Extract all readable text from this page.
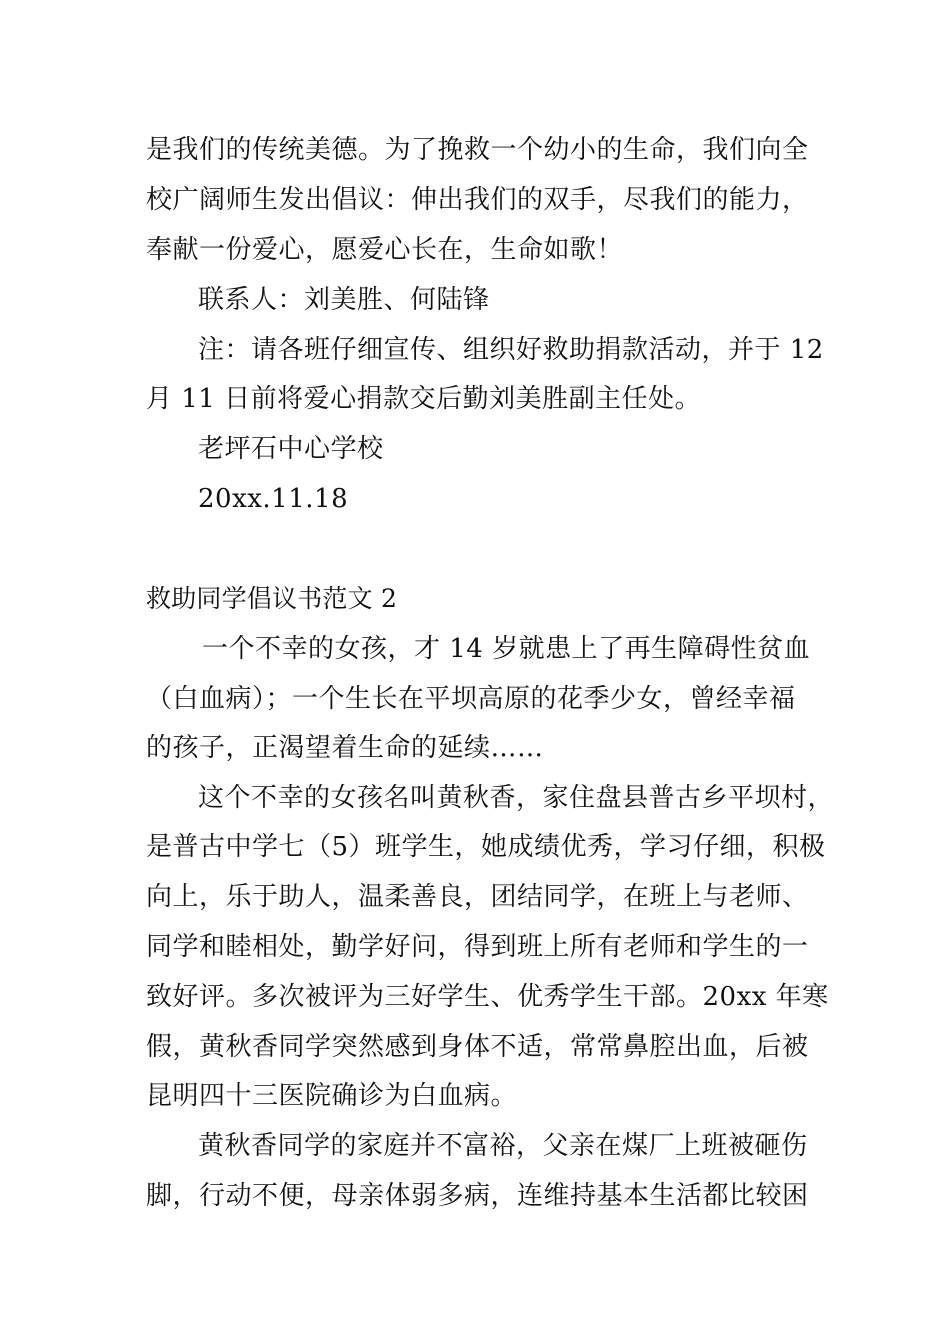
是我们的传统美德。为了挽救一个幼小的生命，我们向全
校广阔师生发出倡议：伸出我们的双手，尽我们的能力，
奉献一份爱心，愿爱心长在，生命如歌！
联系人：刘美胜、何陆锋
注：请各班仔细宣传、组织好救助捐款活动，并于 12
月 11 日前将爱心捐款交后勤刘美胜副主任处。
老坪石中心学校
20xx.11.18
救助同学倡议书范文 2
一个不幸的女孩，才 14 岁就患上了再生障碍性贫血
（白血病）；一个生长在平坝高原的花季少女，曾经幸福
的孩子，正渴望着生命的延续……
这个不幸的女孩名叫黄秋香，家住盘县普古乡平坝村，
是普古中学七（5）班学生，她成绩优秀，学习仔细，积极
向上，乐于助人，温柔善良，团结同学，在班上与老师、
同学和睦相处，勤学好问，得到班上所有老师和学生的一
致好评。多次被评为三好学生、优秀学生干部。20xx 年寒
假，黄秋香同学突然感到身体不适，常常鼻腔出血，后被
昆明四十三医院确诊为白血病。
黄秋香同学的家庭并不富裕，父亲在煤厂上班被砸伤
脚，行动不便，母亲体弱多病，连维持基本生活都比较困
